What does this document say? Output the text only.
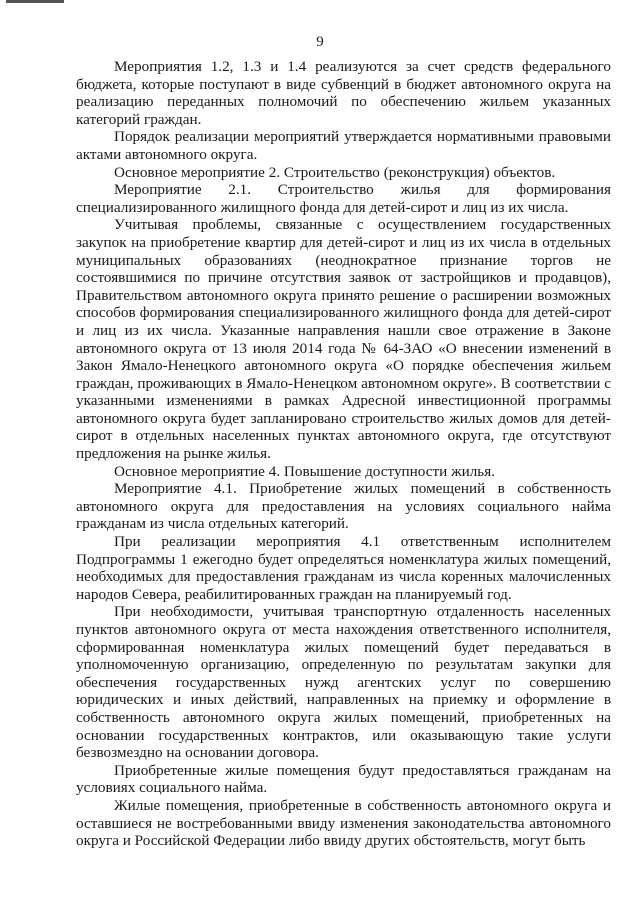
9

Мероприятия 1.2, 1.3 и 1.4 реализуются за счет средств федерального бюджета, которые поступают в виде субвенций в бюджет автономного округа на реализацию переданных полномочий по обеспечению жильем указанных категорий граждан.

Порядок реализации мероприятий утверждается нормативными правовыми актами автономного округа.

Основное мероприятие 2. Строительство (реконструкция) объектов.

Мероприятие 2.1. Строительство жилья для формирования специализированного жилищного фонда для детей-сирот и лиц из их числа.

Учитывая проблемы, связанные с осуществлением государственных закупок на приобретение квартир для детей-сирот и лиц из их числа в отдельных муниципальных образованиях (неоднократное признание торгов не состоявшимися по причине отсутствия заявок от застройщиков и продавцов), Правительством автономного округа принято решение о расширении возможных способов формирования специализированного жилищного фонда для детей-сирот и лиц из их числа. Указанные направления нашли свое отражение в Законе автономного округа от 13 июля 2014 года № 64-ЗАО «О внесении изменений в Закон Ямало-Ненецкого автономного округа «О порядке обеспечения жильем граждан, проживающих в Ямало-Ненецком автономном округе». В соответствии с указанными изменениями в рамках Адресной инвестиционной программы автономного округа будет запланировано строительство жилых домов для детей-сирот в отдельных населенных пунктах автономного округа, где отсутствуют предложения на рынке жилья.

Основное мероприятие 4. Повышение доступности жилья.

Мероприятие 4.1. Приобретение жилых помещений в собственность автономного округа для предоставления на условиях социального найма гражданам из числа отдельных категорий.

При реализации мероприятия 4.1 ответственным исполнителем Подпрограммы 1 ежегодно будет определяться номенклатура жилых помещений, необходимых для предоставления гражданам из числа коренных малочисленных народов Севера, реабилитированных граждан на планируемый год.

При необходимости, учитывая транспортную отдаленность населенных пунктов автономного округа от места нахождения ответственного исполнителя, сформированная номенклатура жилых помещений будет передаваться в уполномоченную организацию, определенную по результатам закупки для обеспечения государственных нужд агентских услуг по совершению юридических и иных действий, направленных на приемку и оформление в собственность автономного округа жилых помещений, приобретенных на основании государственных контрактов, или оказывающую такие услуги безвозмездно на основании договора.

Приобретенные жилые помещения будут предоставляться гражданам на условиях социального найма.

Жилые помещения, приобретенные в собственность автономного округа и оставшиеся не востребованными ввиду изменения законодательства автономного округа и Российской Федерации либо ввиду других обстоятельств, могут быть
